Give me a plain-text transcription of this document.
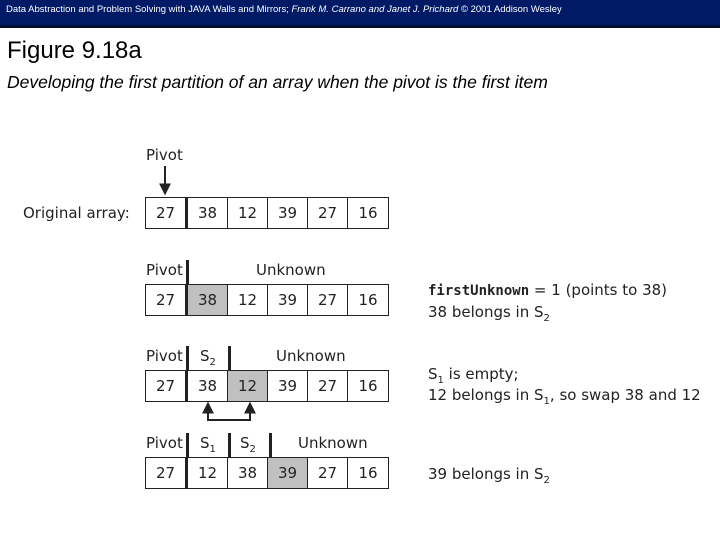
Data Abstraction and Problem Solving with JAVA Walls and Mirrors; Frank M. Carrano and Janet J. Prichard © 2001 Addison Wesley
Figure 9.18a
Developing the first partition of an array when the pivot is the first item
Pivot
Original array:	27	38	12	39	27	16
Pivot	Unknown
27	38	12	39	27	16	firstUnknown = 1 (points to 38)
38 belongs in $S_2$
Pivot $S_2$	Unknown
27	38	12	39	27	16
$S_1$ is empty;
12 belongs in $S_1$, so swap 38 and 12
Pivot $S_1$ $S_2$	Unknown
27	12	38	39	27	16	39 belongs in $S_2$
